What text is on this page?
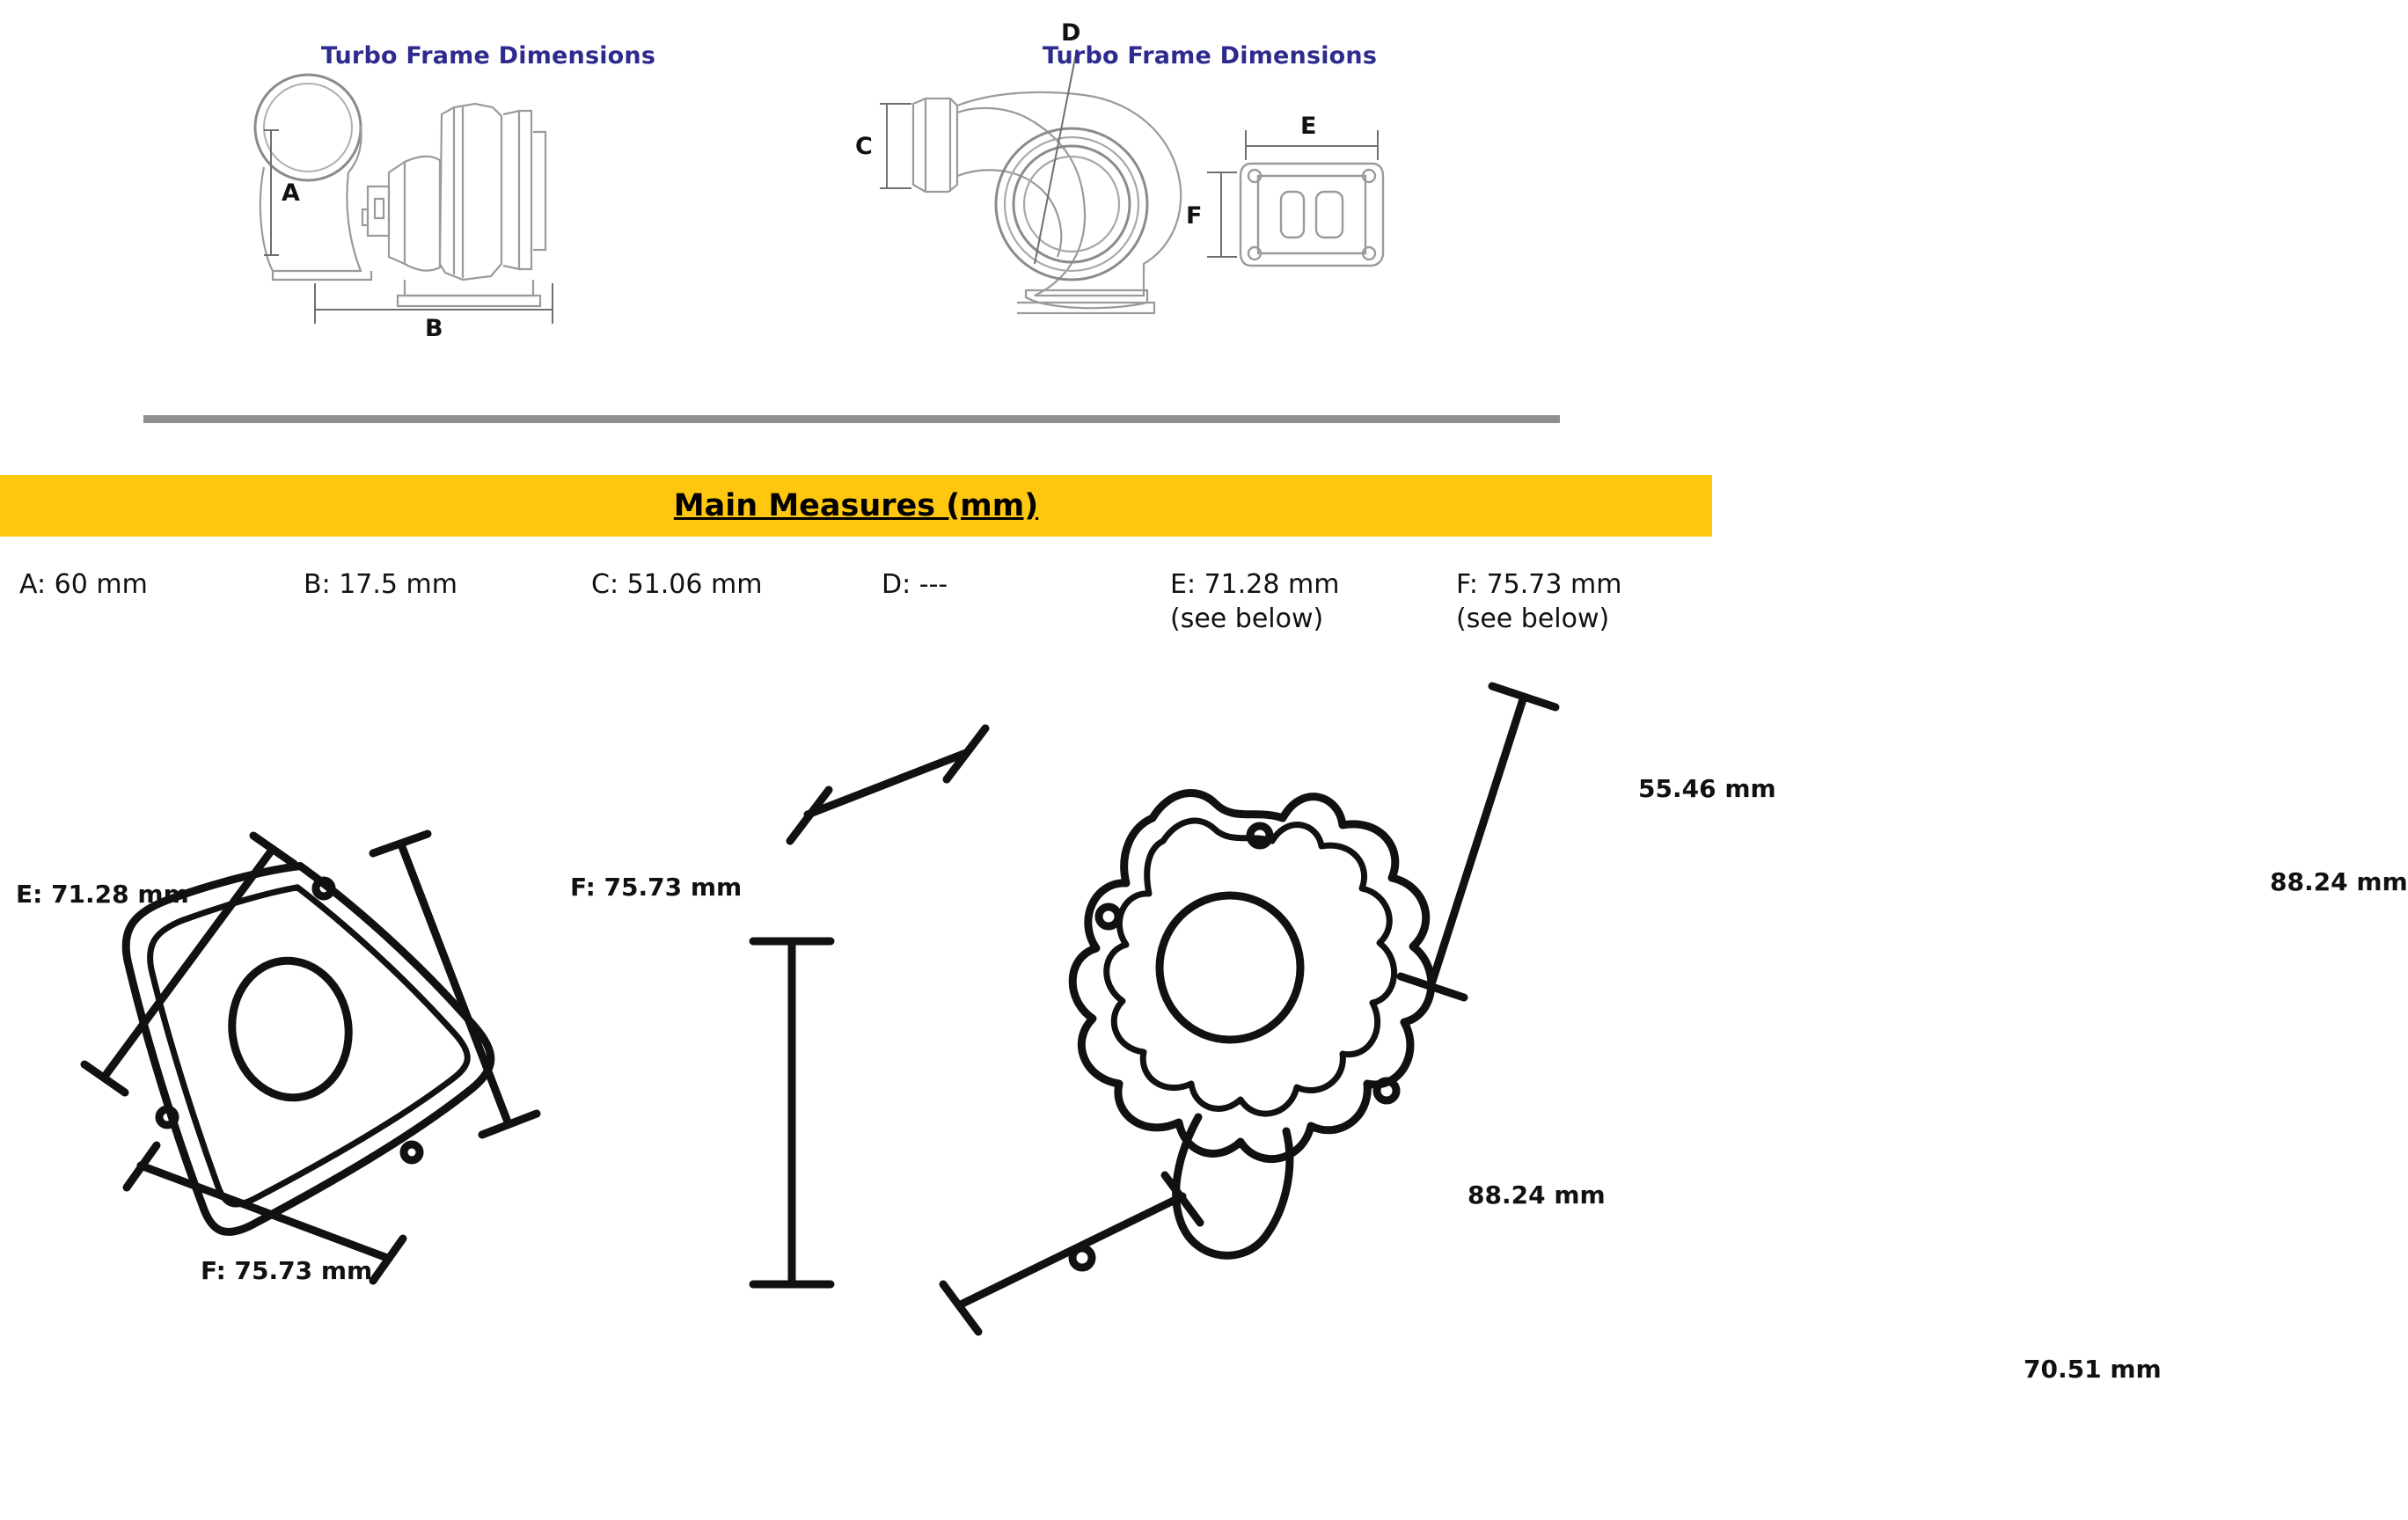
Turbo Frame Dimensions
A
B
Turbo Frame Dimensions
C
D
E
F
Main Measures (mm)
A: 60 mm	B: 17.5 mm	C: 51.06 mm	D: ---	E: 71.28 mm
(see below)
F: 75.73 mm
(see below)
E: 71.28 mm	F: 75.73 mm
F: 75.73 mm
55.46 mm
88.24 mm
88.24 mm
70.51 mm
